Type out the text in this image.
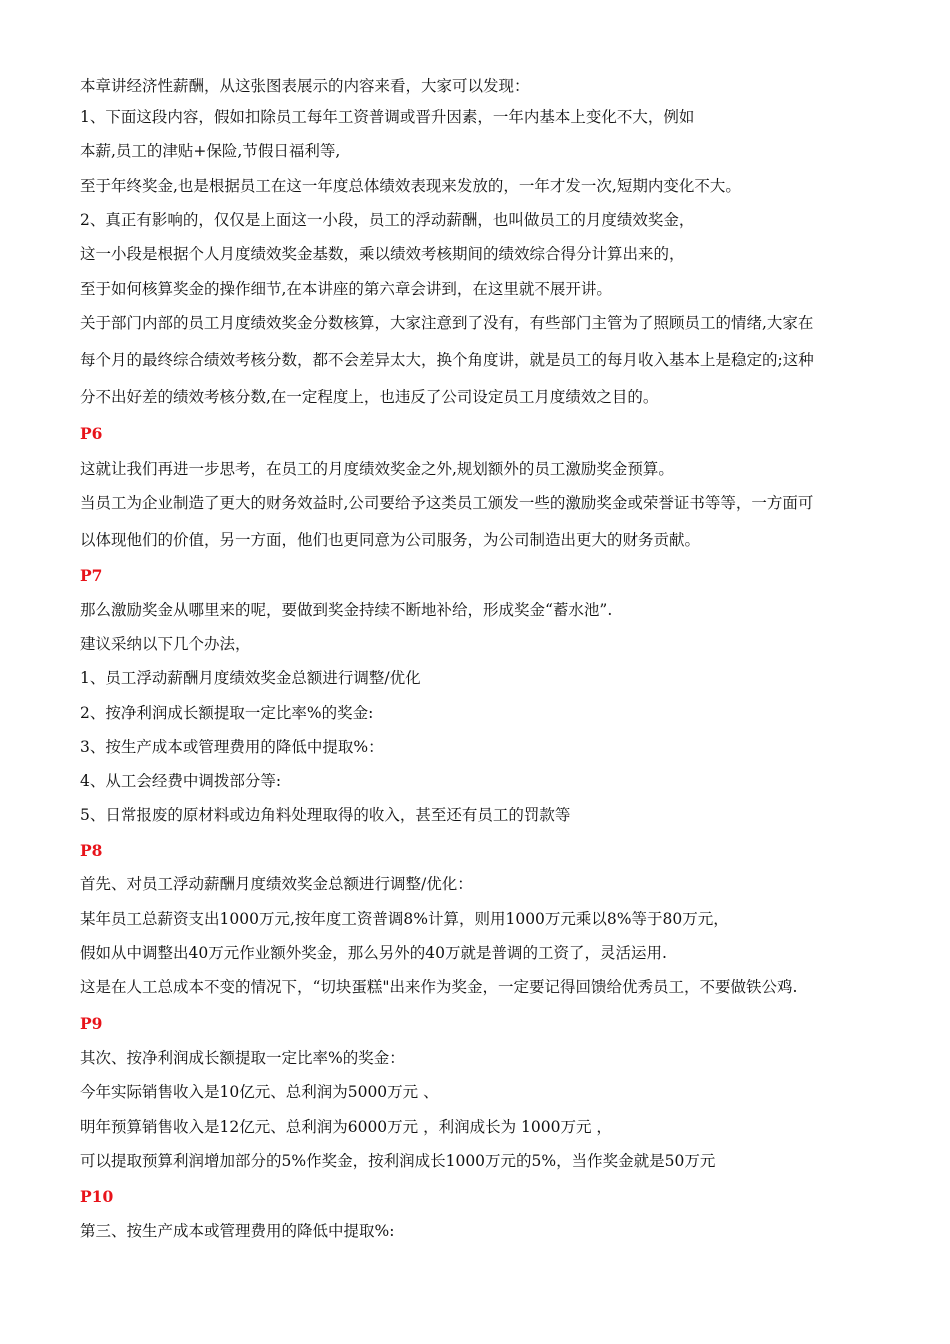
本章讲经济性薪酬，从这张图表展示的内容来看，大家可以发现：
1、下面这段内容，假如扣除员工每年工资普调或晋升因素，一年内基本上变化不大，例如
本薪,员工的津贴+保险,节假日福利等,
至于年终奖金,也是根据员工在这一年度总体绩效表现来发放的，一年才发一次,短期内变化不大。
2、真正有影响的，仅仅是上面这一小段，员工的浮动薪酬，也叫做员工的月度绩效奖金，
这一小段是根据个人月度绩效奖金基数，乘以绩效考核期间的绩效综合得分计算出来的，
至于如何核算奖金的操作细节,在本讲座的第六章会讲到，在这里就不展开讲。
关于部门内部的员工月度绩效奖金分数核算，大家注意到了没有，有些部门主管为了照顾员工的情绪,大家在
每个月的最终综合绩效考核分数，都不会差异太大，换个角度讲，就是员工的每月收入基本上是稳定的;这种
分不出好差的绩效考核分数,在一定程度上，也违反了公司设定员工月度绩效之目的。
P6
这就让我们再进一步思考，在员工的月度绩效奖金之外,规划额外的员工激励奖金预算。
当员工为企业制造了更大的财务效益时,公司要给予这类员工颁发一些的激励奖金或荣誉证书等等，一方面可
以体现他们的价值，另一方面，他们也更同意为公司服务，为公司制造出更大的财务贡献。
P7
那么激励奖金从哪里来的呢，要做到奖金持续不断地补给，形成奖金“蓄水池”.
建议采纳以下几个办法，
1、员工浮动薪酬月度绩效奖金总额进行调整/优化
2、按净利润成长额提取一定比率%的奖金:
3、按生产成本或管理费用的降低中提取%：
4、从工会经费中调拨部分等:
5、日常报废的原材料或边角料处理取得的收入，甚至还有员工的罚款等
P8
首先、对员工浮动薪酬月度绩效奖金总额进行调整/优化：
某年员工总薪资支出1000万元,按年度工资普调8%计算，则用1000万元乘以8%等于80万元，
假如从中调整出40万元作业额外奖金，那么另外的40万就是普调的工资了，灵活运用.
这是在人工总成本不变的情况下，“切块蛋糕"出来作为奖金，一定要记得回馈给优秀员工，不要做铁公鸡.
P9
其次、按净利润成长额提取一定比率%的奖金：
今年实际销售收入是10亿元、总利润为5000万元 、
明年预算销售收入是12亿元、总利润为6000万元 ，利润成长为 1000万元 ，
可以提取预算利润增加部分的5%作奖金，按利润成长1000万元的5%，当作奖金就是50万元
P10
第三、按生产成本或管理费用的降低中提取%:
